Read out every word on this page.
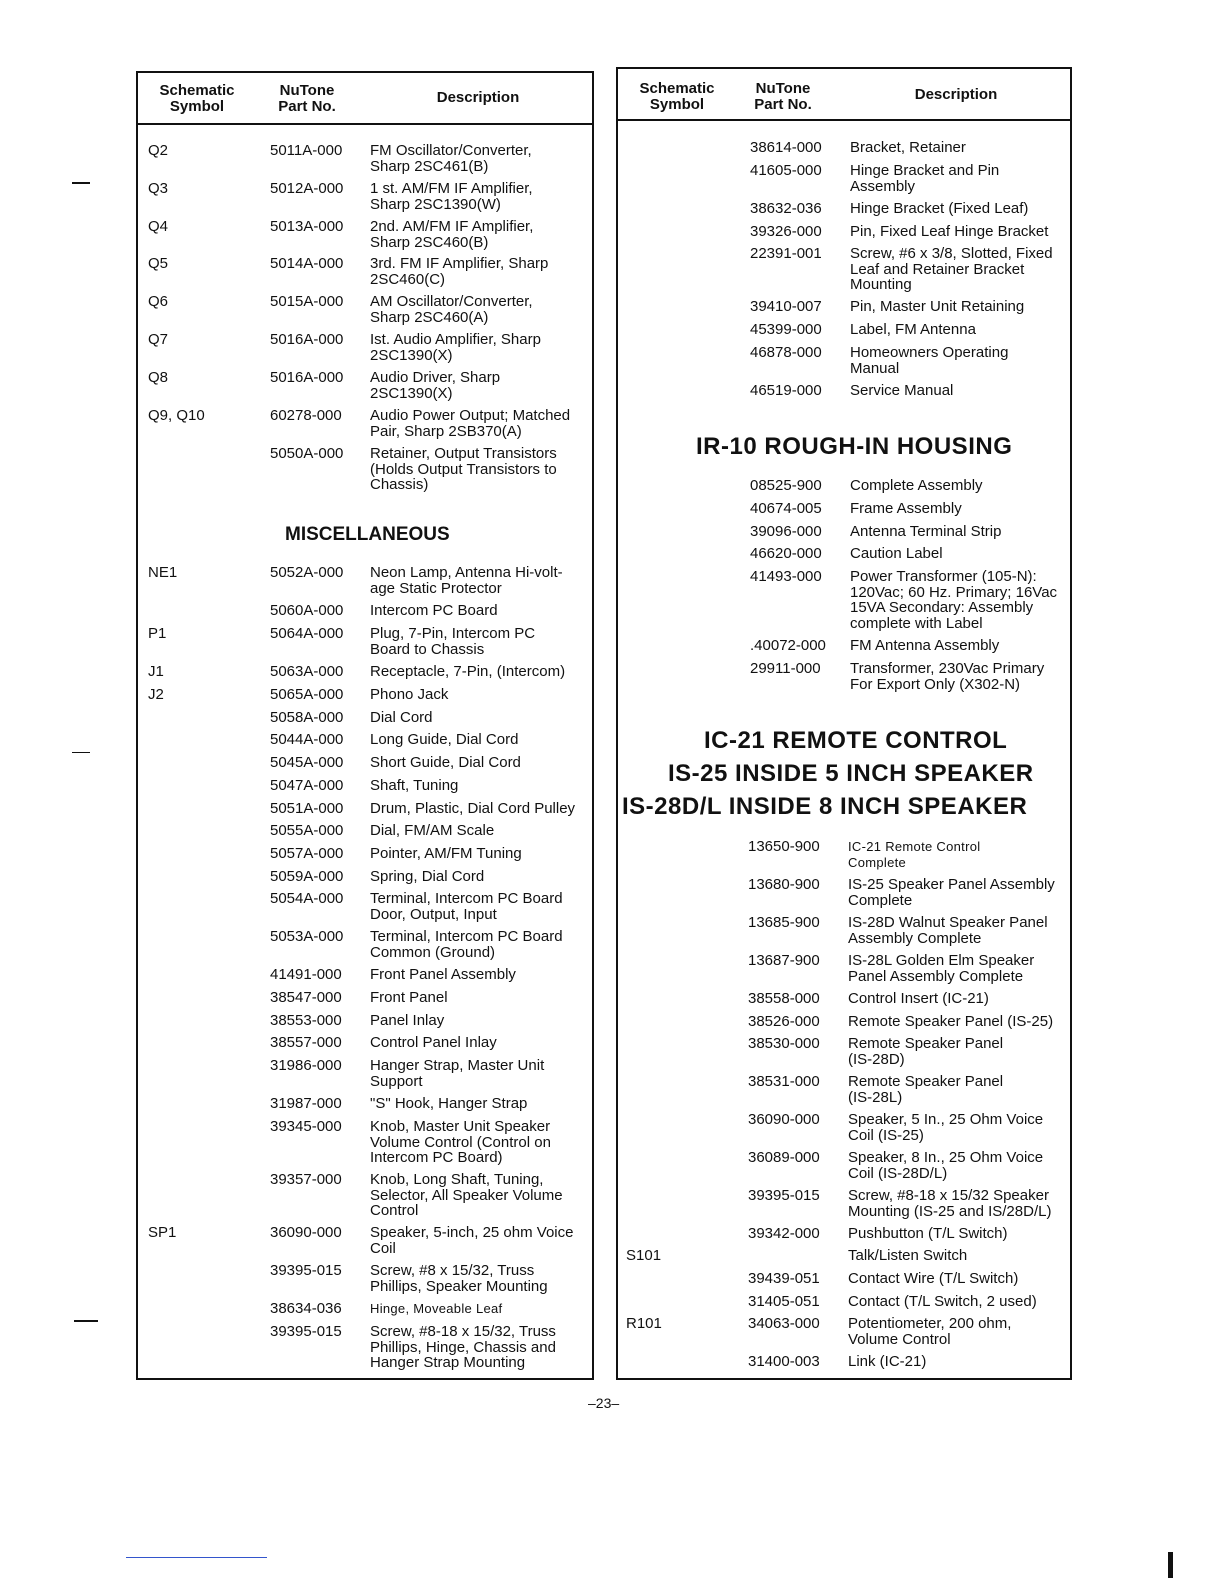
Schematic
Symbol
NuTone
Part No.
Description
Q2	5011A-000 FM Oscillator/Converter,
Sharp 2SC461(B)
Q3	5012A-000 1 st. AM/FM IF Amplifier,
Sharp 2SC1390(W)
Q4	5013A-000 2nd. AM/FM IF Amplifier,
Sharp 2SC460(B)
Q5	5014A-000 3rd. FM IF Amplifier, Sharp
2SC460(C)
Q6	5015A-000 AM Oscillator/Converter,
Sharp 2SC460(A)
Q7	5016A-000 Ist. Audio Amplifier, Sharp
2SC1390(X)
Q8	5016A-000 Audio Driver, Sharp
2SC1390(X)
Q9, Q10	60278-000 Audio Power Output; Matched
Pair, Sharp 2SB370(A)
5050A-000 Retainer, Output Transistors
(Holds Output Transistors to
Chassis)
MISCELLANEOUS
NE1	5052A-000 Neon Lamp, Antenna Hi-volt-
age Static Protector
5060A-000 Intercom PC Board
P1	5064A-000 Plug, 7-Pin, Intercom PC
Board to Chassis
J1	5063A-000 Receptacle, 7-Pin, (Intercom)
J2	5065A-000 Phono Jack
5058A-000 Dial Cord
5044A-000 Long Guide, Dial Cord
5045A-000 Short Guide, Dial Cord
5047A-000 Shaft, Tuning
5051A-000 Drum, Plastic, Dial Cord Pulley
5055A-000 Dial, FM/AM Scale
5057A-000 Pointer, AM/FM Tuning
5059A-000 Spring, Dial Cord
5054A-000 Terminal, Intercom PC Board
Door, Output, Input
5053A-000 Terminal, Intercom PC Board
Common (Ground)
41491-000 Front Panel Assembly
38547-000 Front Panel
38553-000 Panel Inlay
38557-000 Control Panel Inlay
31986-000 Hanger Strap, Master Unit
Support
31987-000 "S" Hook, Hanger Strap
39345-000 Knob, Master Unit Speaker
Volume Control (Control on
Intercom PC Board)
39357-000 Knob, Long Shaft, Tuning,
Selector, All Speaker Volume
Control
SP1	36090-000 Speaker, 5-inch, 25 ohm Voice
Coil
39395-015 Screw, #8 x 15/32, Truss
Phillips, Speaker Mounting
38634-036 Hinge, Moveable Leaf
39395-015 Screw, #8-18 x 15/32, Truss
Phillips, Hinge, Chassis and
Hanger Strap Mounting
Schematic
Symbol
NuTone
Part No.
Description
38614-000 Bracket, Retainer
41605-000 Hinge Bracket and Pin
Assembly
38632-036 Hinge Bracket (Fixed Leaf)
39326-000 Pin, Fixed Leaf Hinge Bracket
22391-001 Screw, #6 x 3/8, Slotted, Fixed
Leaf and Retainer Bracket
Mounting
39410-007 Pin, Master Unit Retaining
45399-000 Label, FM Antenna
46878-000 Homeowners Operating
Manual
46519-000 Service Manual
IR-10 ROUGH-IN HOUSING
08525-900 Complete Assembly
40674-005 Frame Assembly
39096-000 Antenna Terminal Strip
46620-000 Caution Label
41493-000 Power Transformer (105-N):
120Vac; 60 Hz. Primary; 16Vac
15VA Secondary: Assembly
complete with Label
.40072-000 FM Antenna Assembly
29911-000 Transformer, 230Vac Primary
For Export Only (X302-N)
IC-21 REMOTE CONTROL
IS-25 INSIDE 5 INCH SPEAKER
IS-28D/L INSIDE 8 INCH SPEAKER
13650-900 IC-21 Remote Control
Complete
13680-900 IS-25 Speaker Panel Assembly
Complete
13685-900 IS-28D Walnut Speaker Panel
Assembly Complete
13687-900 IS-28L Golden Elm Speaker
Panel Assembly Complete
38558-000 Control Insert (IC-21)
38526-000 Remote Speaker Panel (IS-25)
38530-000 Remote Speaker Panel
(IS-28D)
38531-000 Remote Speaker Panel
(IS-28L)
36090-000 Speaker, 5 In., 25 Ohm Voice
Coil (IS-25)
36089-000 Speaker, 8 In., 25 Ohm Voice
Coil (IS-28D/L)
39395-015 Screw, #8-18 x 15/32 Speaker
Mounting (IS-25 and IS/28D/L)
39342-000 Pushbutton (T/L Switch)
S101	Talk/Listen Switch
39439-051 Contact Wire (T/L Switch)
31405-051 Contact (T/L Switch, 2 used)
R101	34063-000 Potentiometer, 200 ohm,
Volume Control
31400-003 Link (IC-21)
–23–
